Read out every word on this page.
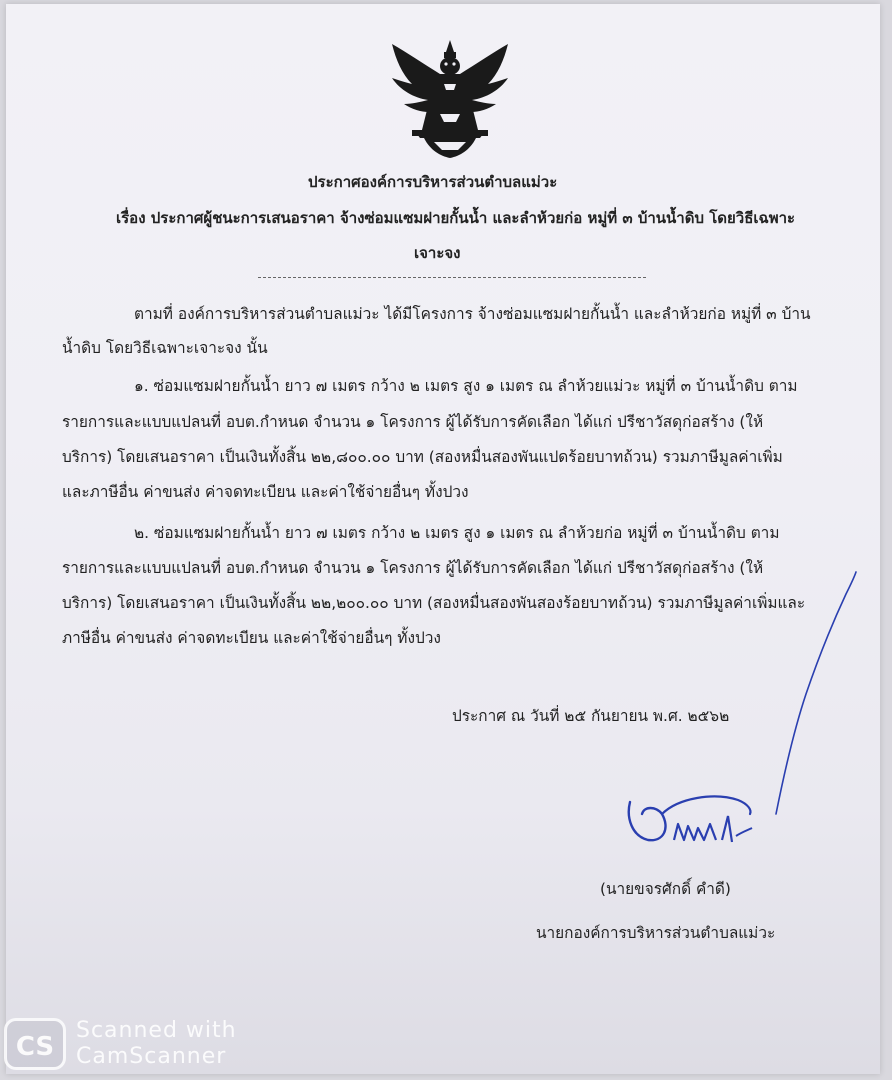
ประกาศองค์การบริหารส่วนตำบลแม่วะ
เรื่อง ประกาศผู้ชนะการเสนอราคา จ้างซ่อมแซมฝายกั้นน้ำ และลำห้วยก่อ หมู่ที่ ๓ บ้านน้ำดิบ โดยวิธีเฉพาะ
เจาะจง
ตามที่ องค์การบริหารส่วนตำบลแม่วะ ได้มีโครงการ จ้างซ่อมแซมฝายกั้นน้ำ และลำห้วยก่อ หมู่ที่ ๓ บ้าน
น้ำดิบ โดยวิธีเฉพาะเจาะจง นั้น
๑. ซ่อมแซมฝายกั้นน้ำ ยาว ๗ เมตร กว้าง ๒ เมตร สูง ๑ เมตร ณ ลำห้วยแม่วะ หมู่ที่ ๓ บ้านน้ำดิบ ตาม
รายการและแบบแปลนที่ อบต.กำหนด จำนวน ๑ โครงการ ผู้ได้รับการคัดเลือก ได้แก่ ปรีชาวัสดุก่อสร้าง (ให้
บริการ) โดยเสนอราคา เป็นเงินทั้งสิ้น ๒๒,๘๐๐.๐๐ บาท (สองหมื่นสองพันแปดร้อยบาทถ้วน) รวมภาษีมูลค่าเพิ่ม
และภาษีอื่น ค่าขนส่ง ค่าจดทะเบียน และค่าใช้จ่ายอื่นๆ ทั้งปวง
๒. ซ่อมแซมฝายกั้นน้ำ ยาว ๗ เมตร กว้าง ๒ เมตร สูง ๑ เมตร ณ ลำห้วยก่อ หมู่ที่ ๓ บ้านน้ำดิบ ตาม
รายการและแบบแปลนที่ อบต.กำหนด จำนวน ๑ โครงการ ผู้ได้รับการคัดเลือก ได้แก่ ปรีชาวัสดุก่อสร้าง (ให้
บริการ) โดยเสนอราคา เป็นเงินทั้งสิ้น ๒๒,๒๐๐.๐๐ บาท (สองหมื่นสองพันสองร้อยบาทถ้วน) รวมภาษีมูลค่าเพิ่มและ
ภาษีอื่น ค่าขนส่ง ค่าจดทะเบียน และค่าใช้จ่ายอื่นๆ ทั้งปวง
ประกาศ ณ วันที่ ๒๕ กันยายน พ.ศ. ๒๕๖๒
(นายขจรศักดิ์ คำดี)
นายกองค์การบริหารส่วนตำบลแม่วะ
CS
Scanned with
CamScanner
